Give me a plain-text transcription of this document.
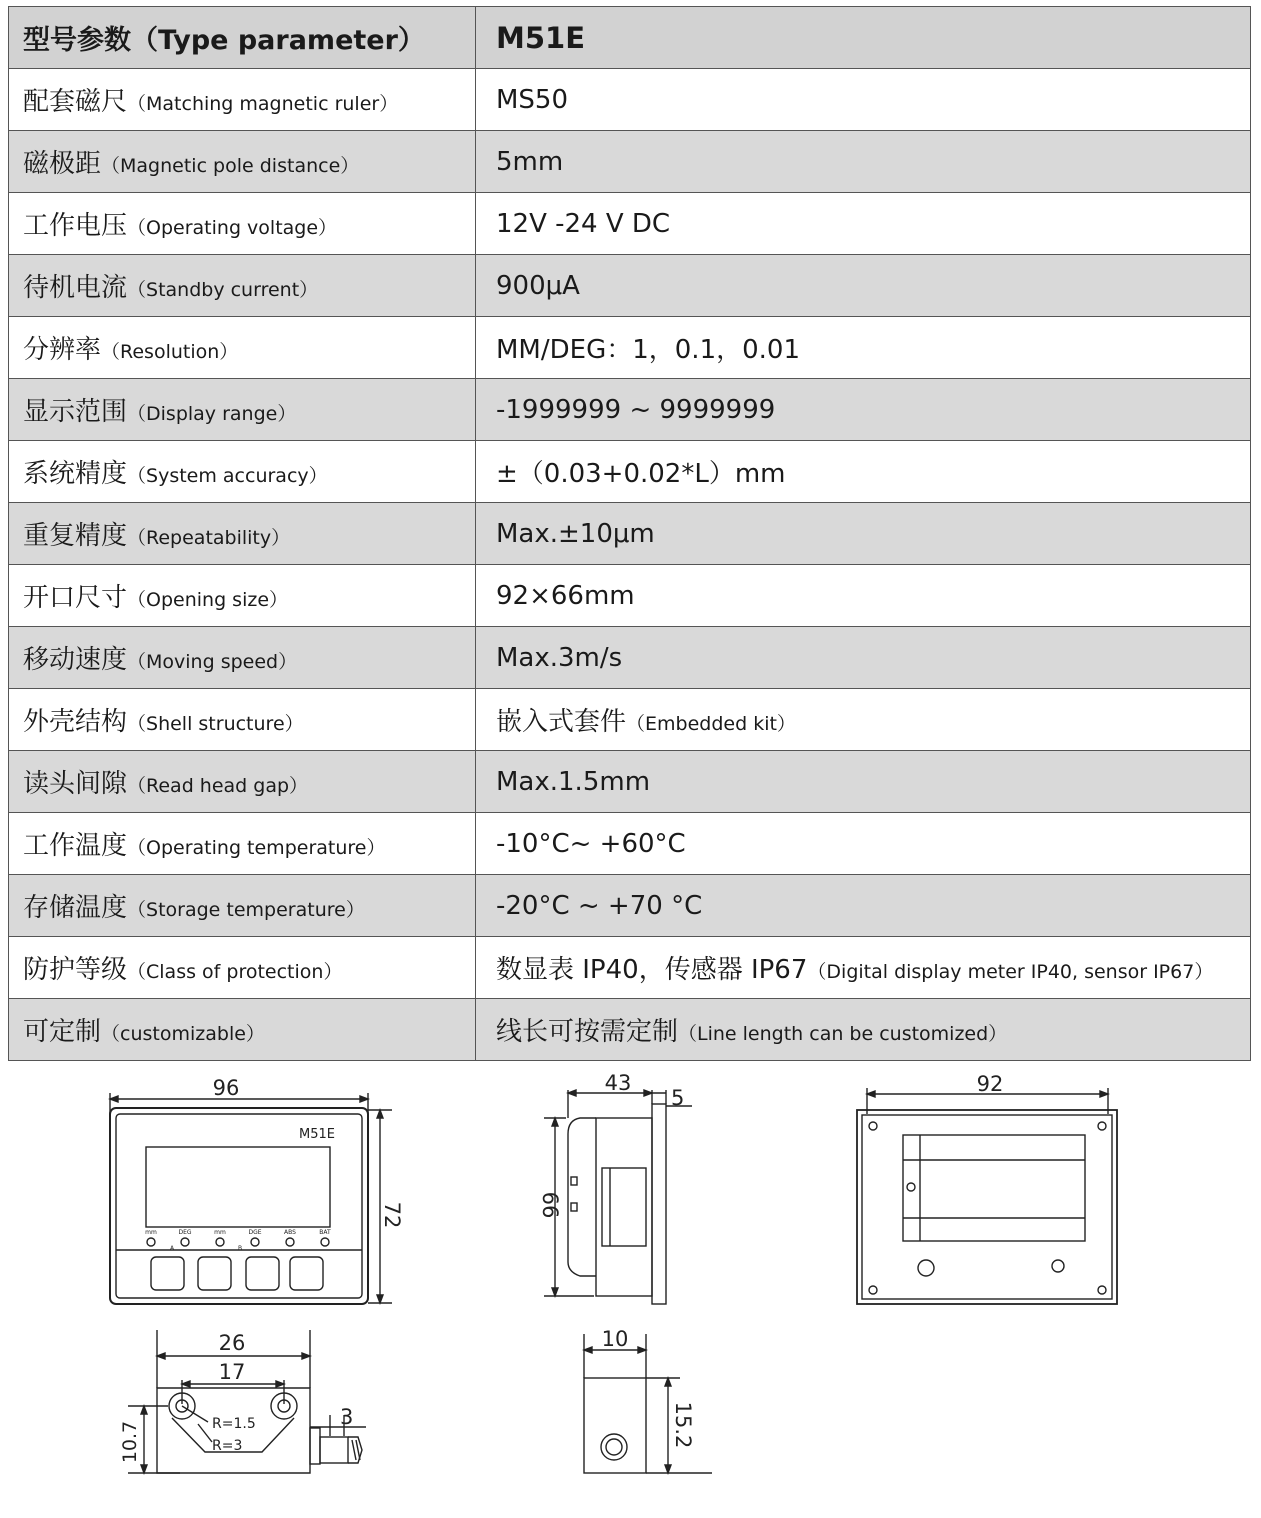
型号参数（Type parameter）	M51E
配套磁尺（Matching magnetic ruler）	MS50
磁极距（Magnetic pole distance）	5mm
工作电压（Operating voltage）	12V -24 V DC
待机电流（Standby current）	900μA
分辨率（Resolution）	MM/DEG：1，0.1，0.01
显示范围（Display range）	-1999999 ~ 9999999
系统精度（System accuracy）	±（0.03+0.02*L）mm
重复精度（Repeatability）	Max.±10μm
开口尺寸（Opening size）	92×66mm
移动速度（Moving speed）	Max.3m/s
外壳结构（Shell structure）	嵌入式套件（Embedded kit）
读头间隙（Read head gap）	Max.1.5mm
工作温度（Operating temperature）	-10°C~ +60°C
存储温度（Storage temperature）	-20°C ~ +70 °C
防护等级（Class of protection）	数显表 IP40，传感器 IP67（Digital display meter IP40, sensor IP67）
可定制（customizable）	线长可按需定制（Line length can be customized）
96
M51E
mm	DEG	mm	DGE	ABS	BAT
A	B
72
43
5
66
92
26
17
R=1.5
R=3
10.7
3
10
15.2
